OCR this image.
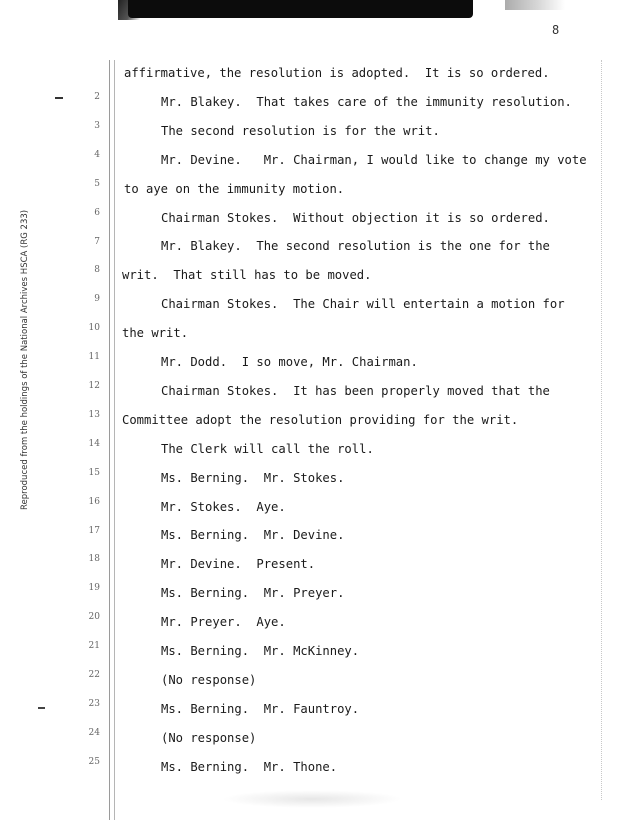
8
Reproduced from the holdings of the National Archives HSCA (RG 233)
2
3
4
5
6
7
8
9
10
11
12
13
14
15
16
17
18
19
20
21
22
23
24
25
affirmative, the resolution is adopted.  It is so ordered.
Mr. Blakey.  That takes care of the immunity resolution.
The second resolution is for the writ.
Mr. Devine.   Mr. Chairman, I would like to change my vote
to aye on the immunity motion.
Chairman Stokes.  Without objection it is so ordered.
Mr. Blakey.  The second resolution is the one for the
writ.  That still has to be moved.
Chairman Stokes.  The Chair will entertain a motion for
the writ.
Mr. Dodd.  I so move, Mr. Chairman.
Chairman Stokes.  It has been properly moved that the
Committee adopt the resolution providing for the writ.
The Clerk will call the roll.
Ms. Berning.  Mr. Stokes.
Mr. Stokes.  Aye.
Ms. Berning.  Mr. Devine.
Mr. Devine.  Present.
Ms. Berning.  Mr. Preyer.
Mr. Preyer.  Aye.
Ms. Berning.  Mr. McKinney.
(No response)
Ms. Berning.  Mr. Fauntroy.
(No response)
Ms. Berning.  Mr. Thone.
